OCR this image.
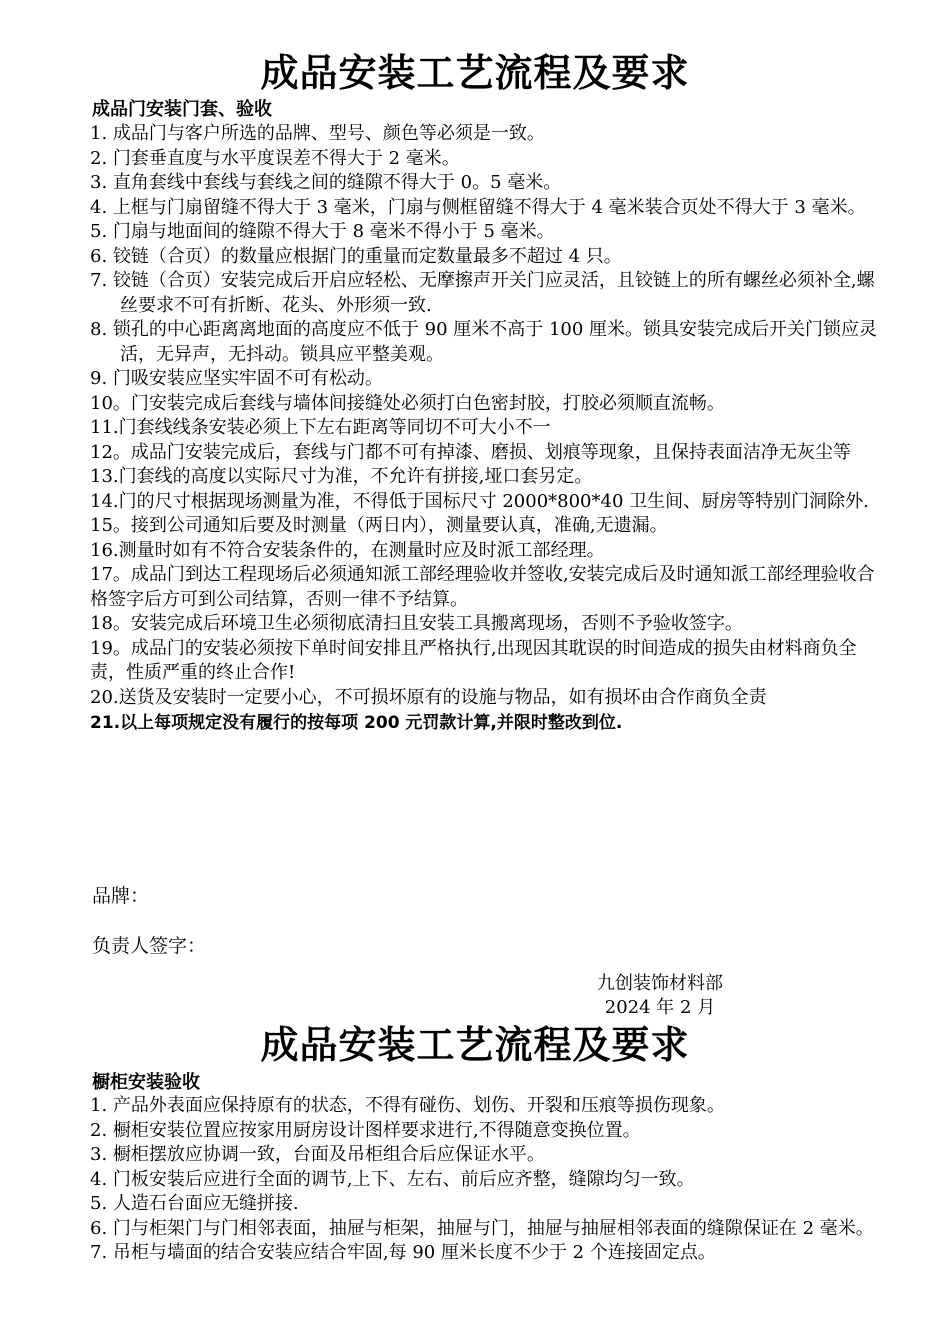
成品安装工艺流程及要求
成品门安装门套、验收
1. 成品门与客户所选的品牌、型号、颜色等必须是一致。
2. 门套垂直度与水平度误差不得大于 2 毫米。
3. 直角套线中套线与套线之间的缝隙不得大于 0。5 毫米。
4. 上框与门扇留缝不得大于 3 毫米，门扇与侧框留缝不得大于 4 毫米装合页处不得大于 3 毫米。
5. 门扇与地面间的缝隙不得大于 8 毫米不得小于 5 毫米。
6. 铰链（合页）的数量应根据门的重量而定数量最多不超过 4 只。
7. 铰链（合页）安装完成后开启应轻松、无摩擦声开关门应灵活，且铰链上的所有螺丝必须补全,螺丝要求不可有折断、花头、外形须一致.
8. 锁孔的中心距离离地面的高度应不低于 90 厘米不高于 100 厘米。锁具安装完成后开关门锁应灵活，无异声，无抖动。锁具应平整美观。
9. 门吸安装应坚实牢固不可有松动。
10。门安装完成后套线与墙体间接缝处必须打白色密封胶，打胶必须顺直流畅。
11.门套线线条安装必须上下左右距离等同切不可大小不一
12。成品门安装完成后，套线与门都不可有掉漆、磨损、划痕等现象，且保持表面洁净无灰尘等
13.门套线的高度以实际尺寸为准，不允许有拼接,垭口套另定。
14.门的尺寸根据现场测量为准，不得低于国标尺寸 2000*800*40 卫生间、厨房等特别门洞除外.
15。接到公司通知后要及时测量（两日内），测量要认真，准确,无遗漏。
16.测量时如有不符合安装条件的，在测量时应及时派工部经理。
17。成品门到达工程现场后必须通知派工部经理验收并签收,安装完成后及时通知派工部经理验收合格签字后方可到公司结算，否则一律不予结算。
18。安装完成后环境卫生必须彻底清扫且安装工具搬离现场，否则不予验收签字。
19。成品门的安装必须按下单时间安排且严格执行,出现因其耽误的时间造成的损失由材料商负全责，性质严重的终止合作!
20.送货及安装时一定要小心，不可损坏原有的设施与物品，如有损坏由合作商负全责
21.以上每项规定没有履行的按每项 200 元罚款计算,并限时整改到位.

品牌：

负责人签字：

九创装饰材料部
2024 年 2 月
成品安装工艺流程及要求
橱柜安装验收
1. 产品外表面应保持原有的状态，不得有碰伤、划伤、开裂和压痕等损伤现象。
2. 橱柜安装位置应按家用厨房设计图样要求进行,不得随意变换位置。
3. 橱柜摆放应协调一致，台面及吊柜组合后应保证水平。
4. 门板安装后应进行全面的调节,上下、左右、前后应齐整，缝隙均匀一致。
5. 人造石台面应无缝拼接.
6. 门与柜架门与门相邻表面，抽屉与柜架，抽屉与门，抽屉与抽屉相邻表面的缝隙保证在 2 毫米。
7. 吊柜与墙面的结合安装应结合牢固,每 90 厘米长度不少于 2 个连接固定点。
